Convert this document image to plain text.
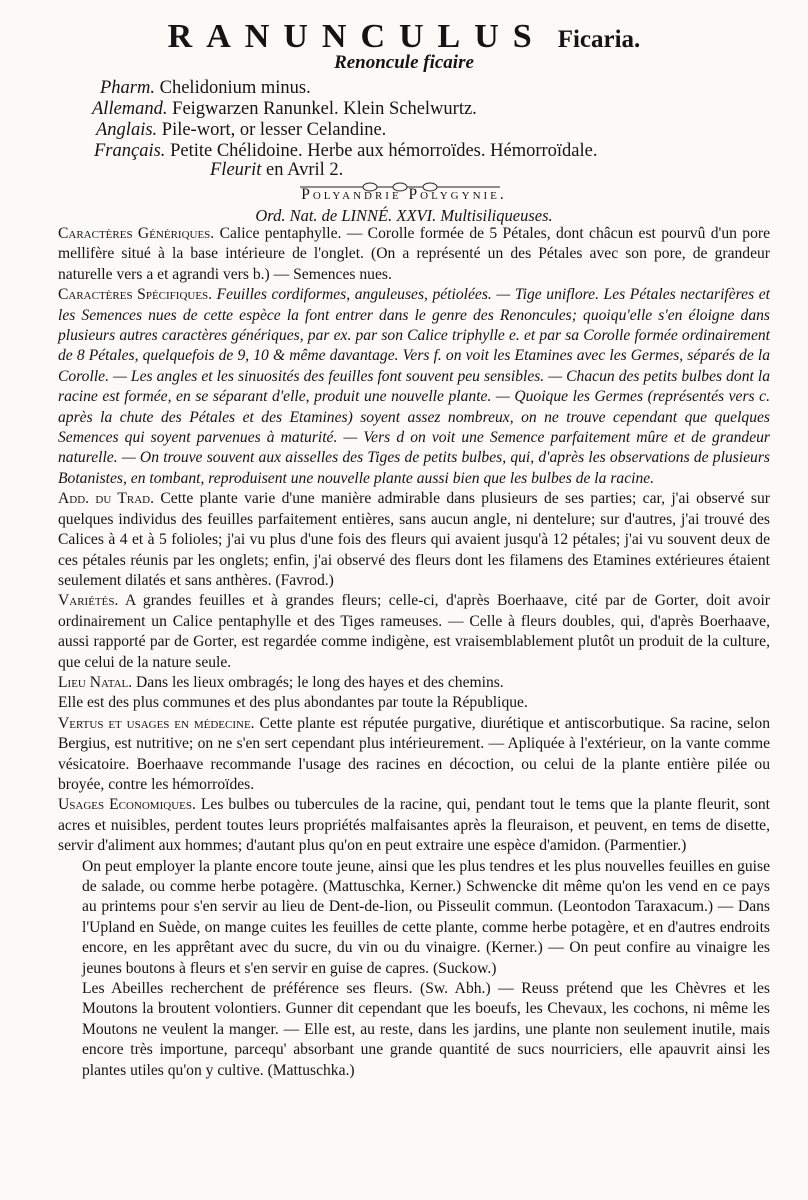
RANUNCULUS Ficaria.
Renoncule ficaire
Pharm. Chelidonium minus.
Allemand. Feigwarzen Ranunkel. Klein Schelwurtz.
Anglais. Pile-wort, or lesser Celandine.
Français. Petite Chélidoine. Herbe aux hémorroïdes. Hémorroïdale.
Fleurit en Avril 2.
Polyandrie Polygynie.
Ord. Nat. de LINNÉ. XXVI. Multisiliqueuses.

Caractères Génériques. Calice pentaphylle. — Corolle formée de 5 Pétales, dont châcun est pourvû d'un pore mellifère situé à la base intérieure de l'onglet. (On a représenté un des Pétales avec son pore, de grandeur naturelle vers a et agrandi vers b.) — Semences nues.

Caractères Spécifiques. Feuilles cordiformes, anguleuses, pétiolées. — Tige uniflore. Les Pétales nectarifères et les Semences nues de cette espèce la font entrer dans le genre des Renoncules; quoiqu'elle s'en éloigne dans plusieurs autres caractères génériques, par ex. par son Calice triphylle e. et par sa Corolle formée ordinairement de 8 Pétales, quelquefois de 9, 10 & même davantage. Vers f. on voit les Etamines avec les Germes, séparés de la Corolle. — Les angles et les sinuosités des feuilles font souvent peu sensibles. — Chacun des petits bulbes dont la racine est formée, en se séparant d'elle, produit une nouvelle plante. — Quoique les Germes (représentés vers c. après la chute des Pétales et des Etamines) soyent assez nombreux, on ne trouve cependant que quelques Semences qui soyent parvenues à maturité. — Vers d on voit une Semence parfaitement mûre et de grandeur naturelle. — On trouve souvent aux aisselles des Tiges de petits bulbes, qui, d'après les observations de plusieurs Botanistes, en tombant, reproduisent une nouvelle plante aussi bien que les bulbes de la racine.

Add. du Trad. Cette plante varie d'une manière admirable dans plusieurs de ses parties; car, j'ai observé sur quelques individus des feuilles parfaitement entières, sans aucun angle, ni dentelure; sur d'autres, j'ai trouvé des Calices à 4 et à 5 folioles; j'ai vu plus d'une fois des fleurs qui avaient jusqu'à 12 pétales; j'ai vu souvent deux de ces pétales réunis par les onglets; enfin, j'ai observé des fleurs dont les filamens des Etamines extérieures étaient seulement dilatés et sans anthères. (Favrod.)

Variétés. A grandes feuilles et à grandes fleurs; celle-ci, d'après Boerhaave, cité par de Gorter, doit avoir ordinairement un Calice pentaphylle et des Tiges rameuses. — Celle à fleurs doubles, qui, d'après Boerhaave, aussi rapporté par de Gorter, est regardée comme indigène, est vraisemblablement plutôt un produit de la culture, que celui de la nature seule.

Lieu Natal. Dans les lieux ombragés; le long des hayes et des chemins.

Elle est des plus communes et des plus abondantes par toute la République.

Vertus et usages en médecine. Cette plante est réputée purgative, diurétique et antiscorbutique. Sa racine, selon Bergius, est nutritive; on ne s'en sert cependant plus intérieurement. — Apliquée à l'extérieur, on la vante comme vésicatoire. Boerhaave recommande l'usage des racines en décoction, ou celui de la plante entière pilée ou broyée, contre les hémorroïdes.

Usages Economiques. Les bulbes ou tubercules de la racine, qui, pendant tout le tems que la plante fleurit, sont acres et nuisibles, perdent toutes leurs propriétés malfaisantes après la fleuraison, et peuvent, en tems de disette, servir d'aliment aux hommes; d'autant plus qu'on en peut extraire une espèce d'amidon. (Parmentier.)

On peut employer la plante encore toute jeune, ainsi que les plus tendres et les plus nouvelles feuilles en guise de salade, ou comme herbe potagère. (Mattuschka, Kerner.) Schwencke dit même qu'on les vend en ce pays au printems pour s'en servir au lieu de Dent-de-lion, ou Pisseulit commun. (Leontodon Taraxacum.) — Dans l'Upland en Suède, on mange cuites les feuilles de cette plante, comme herbe potagère, et en d'autres endroits encore, en les apprêtant avec du sucre, du vin ou du vinaigre. (Kerner.) — On peut confire au vinaigre les jeunes boutons à fleurs et s'en servir en guise de capres. (Suckow.)

Les Abeilles recherchent de préférence ses fleurs. (Sw. Abh.) — Reuss prétend que les Chèvres et les Moutons la broutent volontiers. Gunner dit cependant que les boeufs, les Chevaux, les cochons, ni même les Moutons ne veulent la manger. — Elle est, au reste, dans les jardins, une plante non seulement inutile, mais encore très importune, parcequ' absorbant une grande quantité de sucs nourriciers, elle apauvrit ainsi les plantes utiles qu'on y cultive. (Mattuschka.)
